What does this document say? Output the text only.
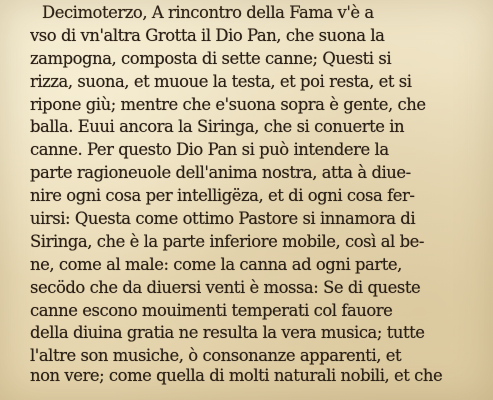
Decimoterzo, A rincontro della Fama v'è a
vso di vn'altra Grotta il Dio Pan, che suona la
zampogna, composta di sette canne; Questi si
rizza, suona, et muoue la testa, et poi resta, et si
ripone giù; mentre che e'suona sopra è gente, che
balla. Euui ancora la Siringa, che si conuerte in
canne. Per questo Dio Pan si può intendere la
parte ragioneuole dell'anima nostra, atta à diue-
nire ogni cosa per intelligëza, et di ogni cosa fer-
uirsi: Questa come ottimo Pastore si innamora di
Siringa, che è la parte inferiore mobile, così al be-
ne, come al male: come la canna ad ogni parte,
secödo che da diuersi venti è mossa: Se di queste
canne escono mouimenti temperati col fauore
della diuina gratia ne resulta la vera musica; tutte
l'altre son musiche, ò consonanze apparenti, et
non vere; come quella di molti naturali nobili, et che
